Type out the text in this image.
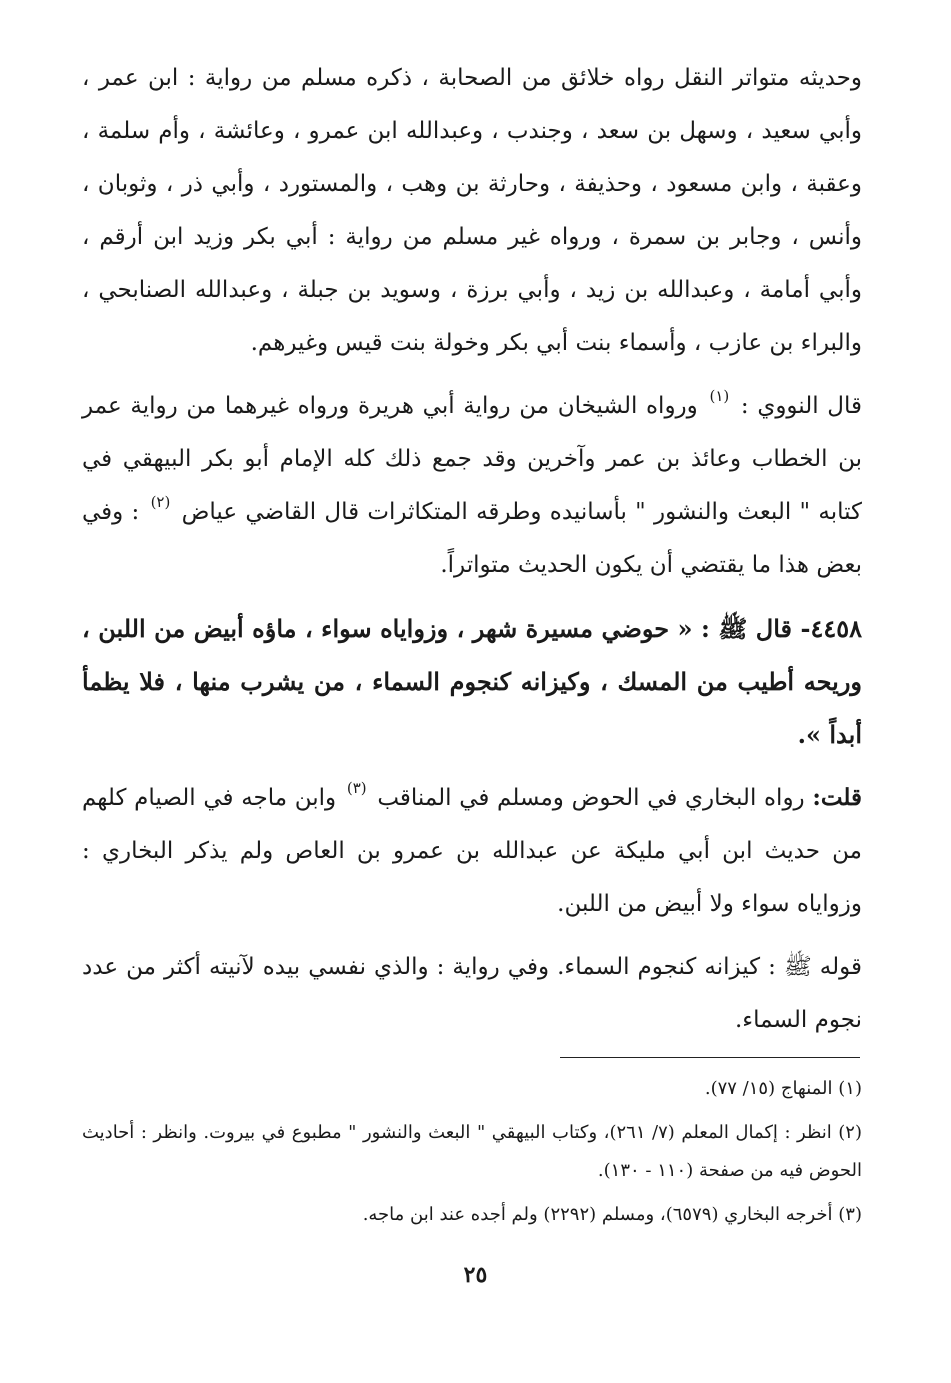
وحديثه متواتر النقل رواه خلائق من الصحابة ، ذكره مسلم من رواية : ابن عمر ، وأبي سعيد ، وسهل بن سعد ، وجندب ، وعبدالله ابن عمرو ، وعائشة ، وأم سلمة ، وعقبة ، وابن مسعود ، وحذيفة ، وحارثة بن وهب ، والمستورد ، وأبي ذر ، وثوبان ، وأنس ، وجابر بن سمرة ، ورواه غير مسلم من رواية : أبي بكر وزيد ابن أرقم ، وأبي أمامة ، وعبدالله بن زيد ، وأبي برزة ، وسويد بن جبلة ، وعبدالله الصنابحي ، والبراء بن عازب ، وأسماء بنت أبي بكر وخولة بنت قيس وغيرهم.

قال النووي : $^{(١)}$ ورواه الشيخان من رواية أبي هريرة ورواه غيرهما من رواية عمر بن الخطاب وعائذ بن عمر وآخرين وقد جمع ذلك كله الإمام أبو بكر البيهقي في كتابه " البعث والنشور " بأسانيده وطرقه المتكاثرات قال القاضي عياض $^{(٢)}$ : وفي بعض هذا ما يقتضي أن يكون الحديث متواتراً.

٤٤٥٨- قال ﷺ : « حوضي مسيرة شهر ، وزواياه سواء ، ماؤه أبيض من اللبن ، وريحه أطيب من المسك ، وكيزانه كنجوم السماء ، من يشرب منها ، فلا يظمأ أبداً ».

قلت: رواه البخاري في الحوض ومسلم في المناقب $^{(٣)}$ وابن ماجه في الصيام كلهم من حديث ابن أبي مليكة عن عبدالله بن عمرو بن العاص ولم يذكر البخاري : وزواياه سواء ولا أبيض من اللبن.

قوله ﷺ : كيزانه كنجوم السماء. وفي رواية : والذي نفسي بيده لآنيته أكثر من عدد نجوم السماء.

(١) المنهاج (١٥/ ٧٧).

(٢) انظر : إكمال المعلم (٧/ ٢٦١)، وكتاب البيهقي " البعث والنشور " مطبوع في بيروت. وانظر : أحاديث الحوض فيه من صفحة (١١٠ - ١٣٠).

(٣) أخرجه البخاري (٦٥٧٩)، ومسلم (٢٢٩٢) ولم أجده عند ابن ماجه.

٢٥
